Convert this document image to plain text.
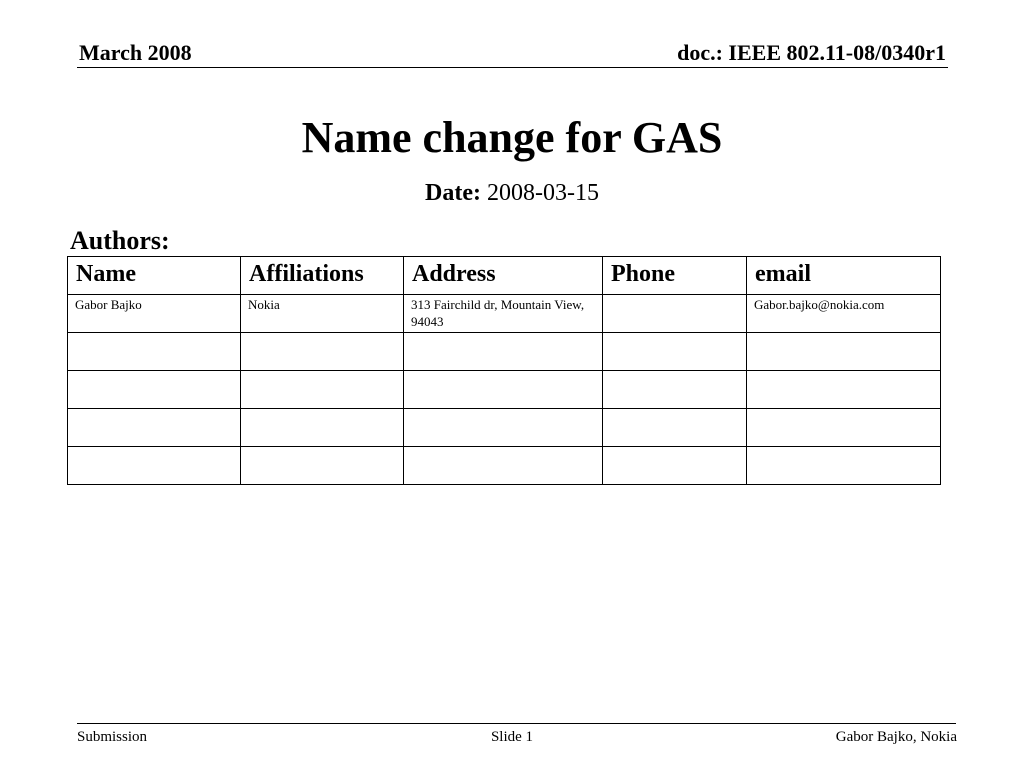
March 2008	doc.: IEEE 802.11-08/0340r1
Name change for GAS
Date: 2008-03-15
Authors:
Name	Affiliations	Address	Phone	email
Gabor Bajko	Nokia	313 Fairchild dr, Mountain View, 94043		Gabor.bajko@nokia.com

Submission	Slide 1	Gabor Bajko, Nokia
